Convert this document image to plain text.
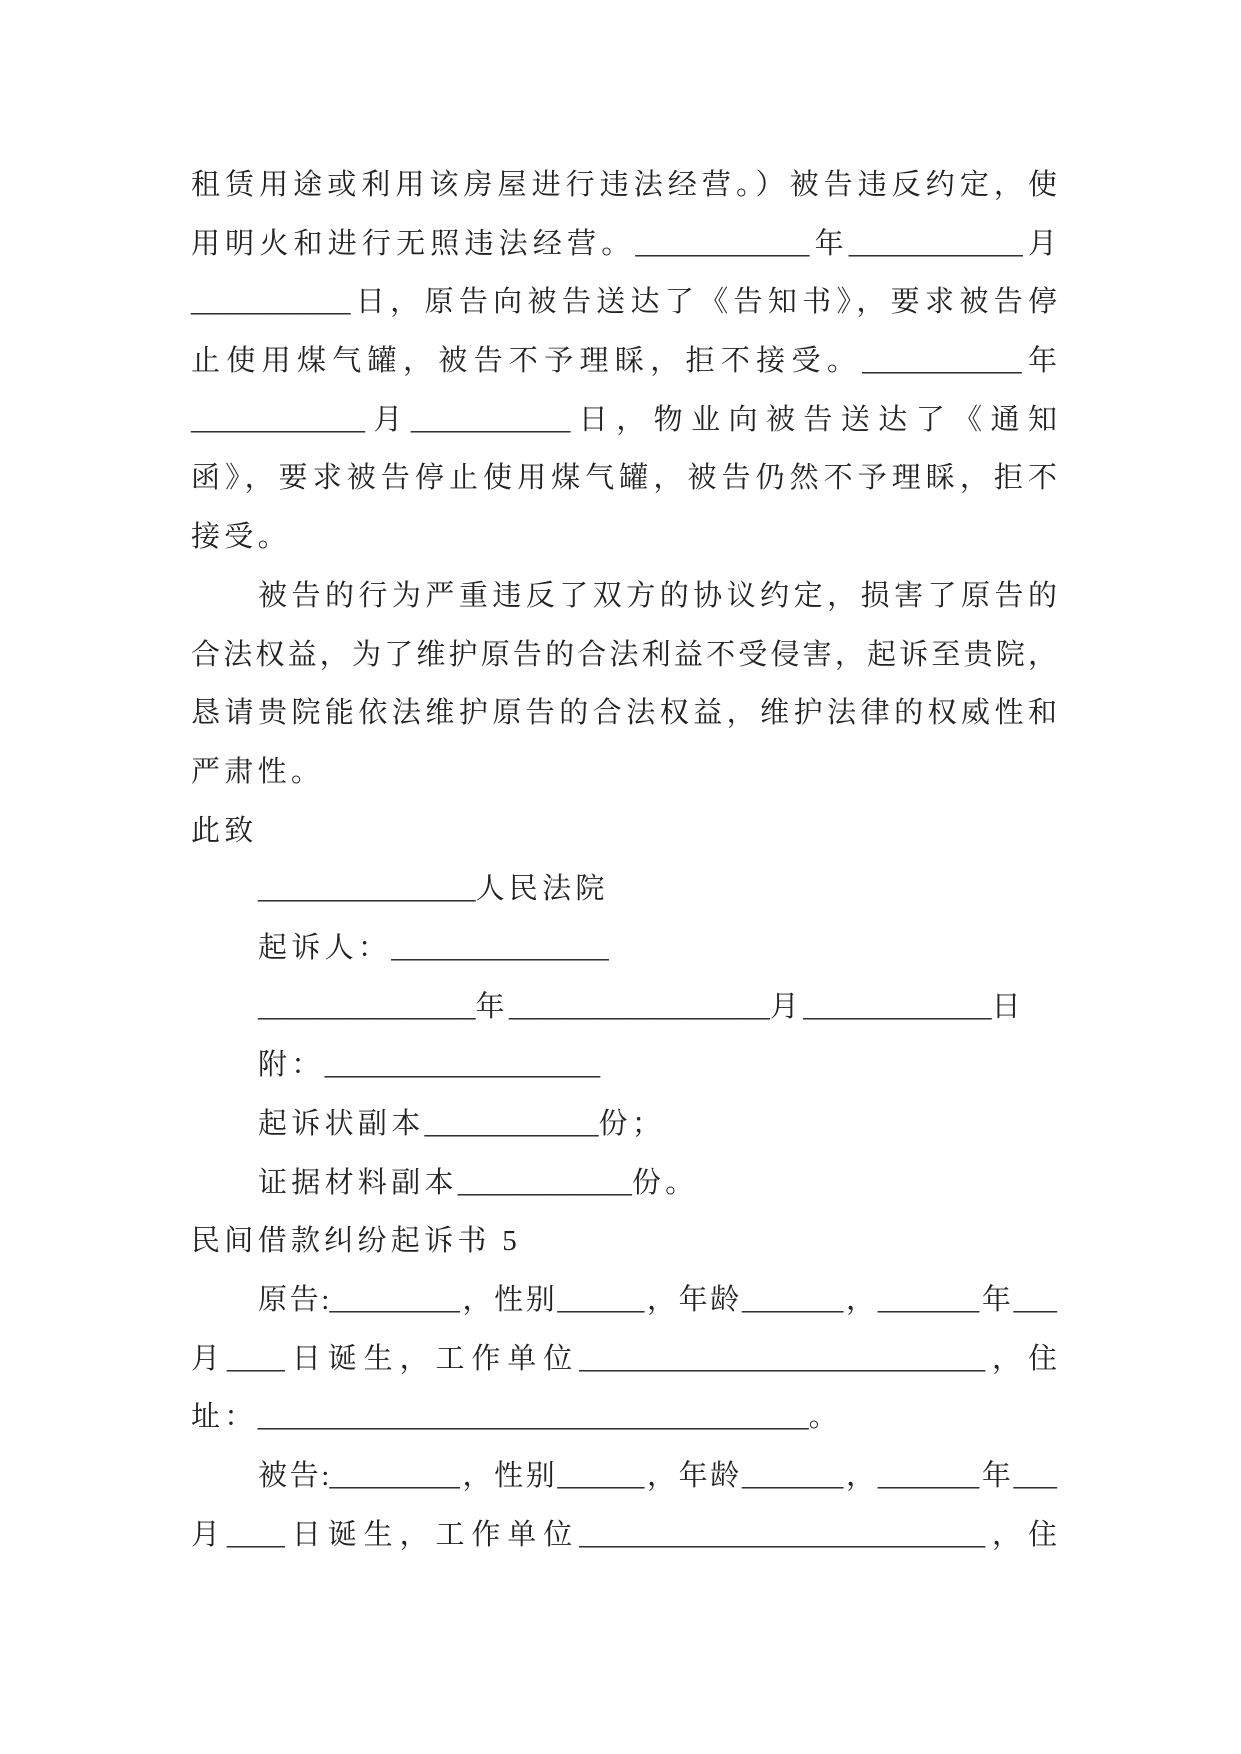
租赁用途或利用该房屋进行违法经营。）被告违反约定，使

用明火和进行无照违法经营。____________年____________月

___________日，原告向被告送达了《告知书》，要求被告停

止使用煤气罐，被告不予理睬，拒不接受。___________年

____________月___________日，物业向被告送达了《通知

函》，要求被告停止使用煤气罐，被告仍然不予理睬，拒不

接受。

被告的行为严重违反了双方的协议约定，损害了原告的

合法权益，为了维护原告的合法利益不受侵害，起诉至贵院，

恳请贵院能依法维护原告的合法权益，维护法律的权威性和

严肃性。

此致

_______________人民法院

起诉人：_______________

_______________年__________________月_____________日

附：___________________

起诉状副本____________份；

证据材料副本____________份。

民间借款纠纷起诉书 5

原告:_________，性别______，年龄_______，_______年___

月____日诞生，工作单位____________________________，住

址：______________________________________。

被告:_________，性别______，年龄_______，_______年___

月____日诞生，工作单位____________________________，住
